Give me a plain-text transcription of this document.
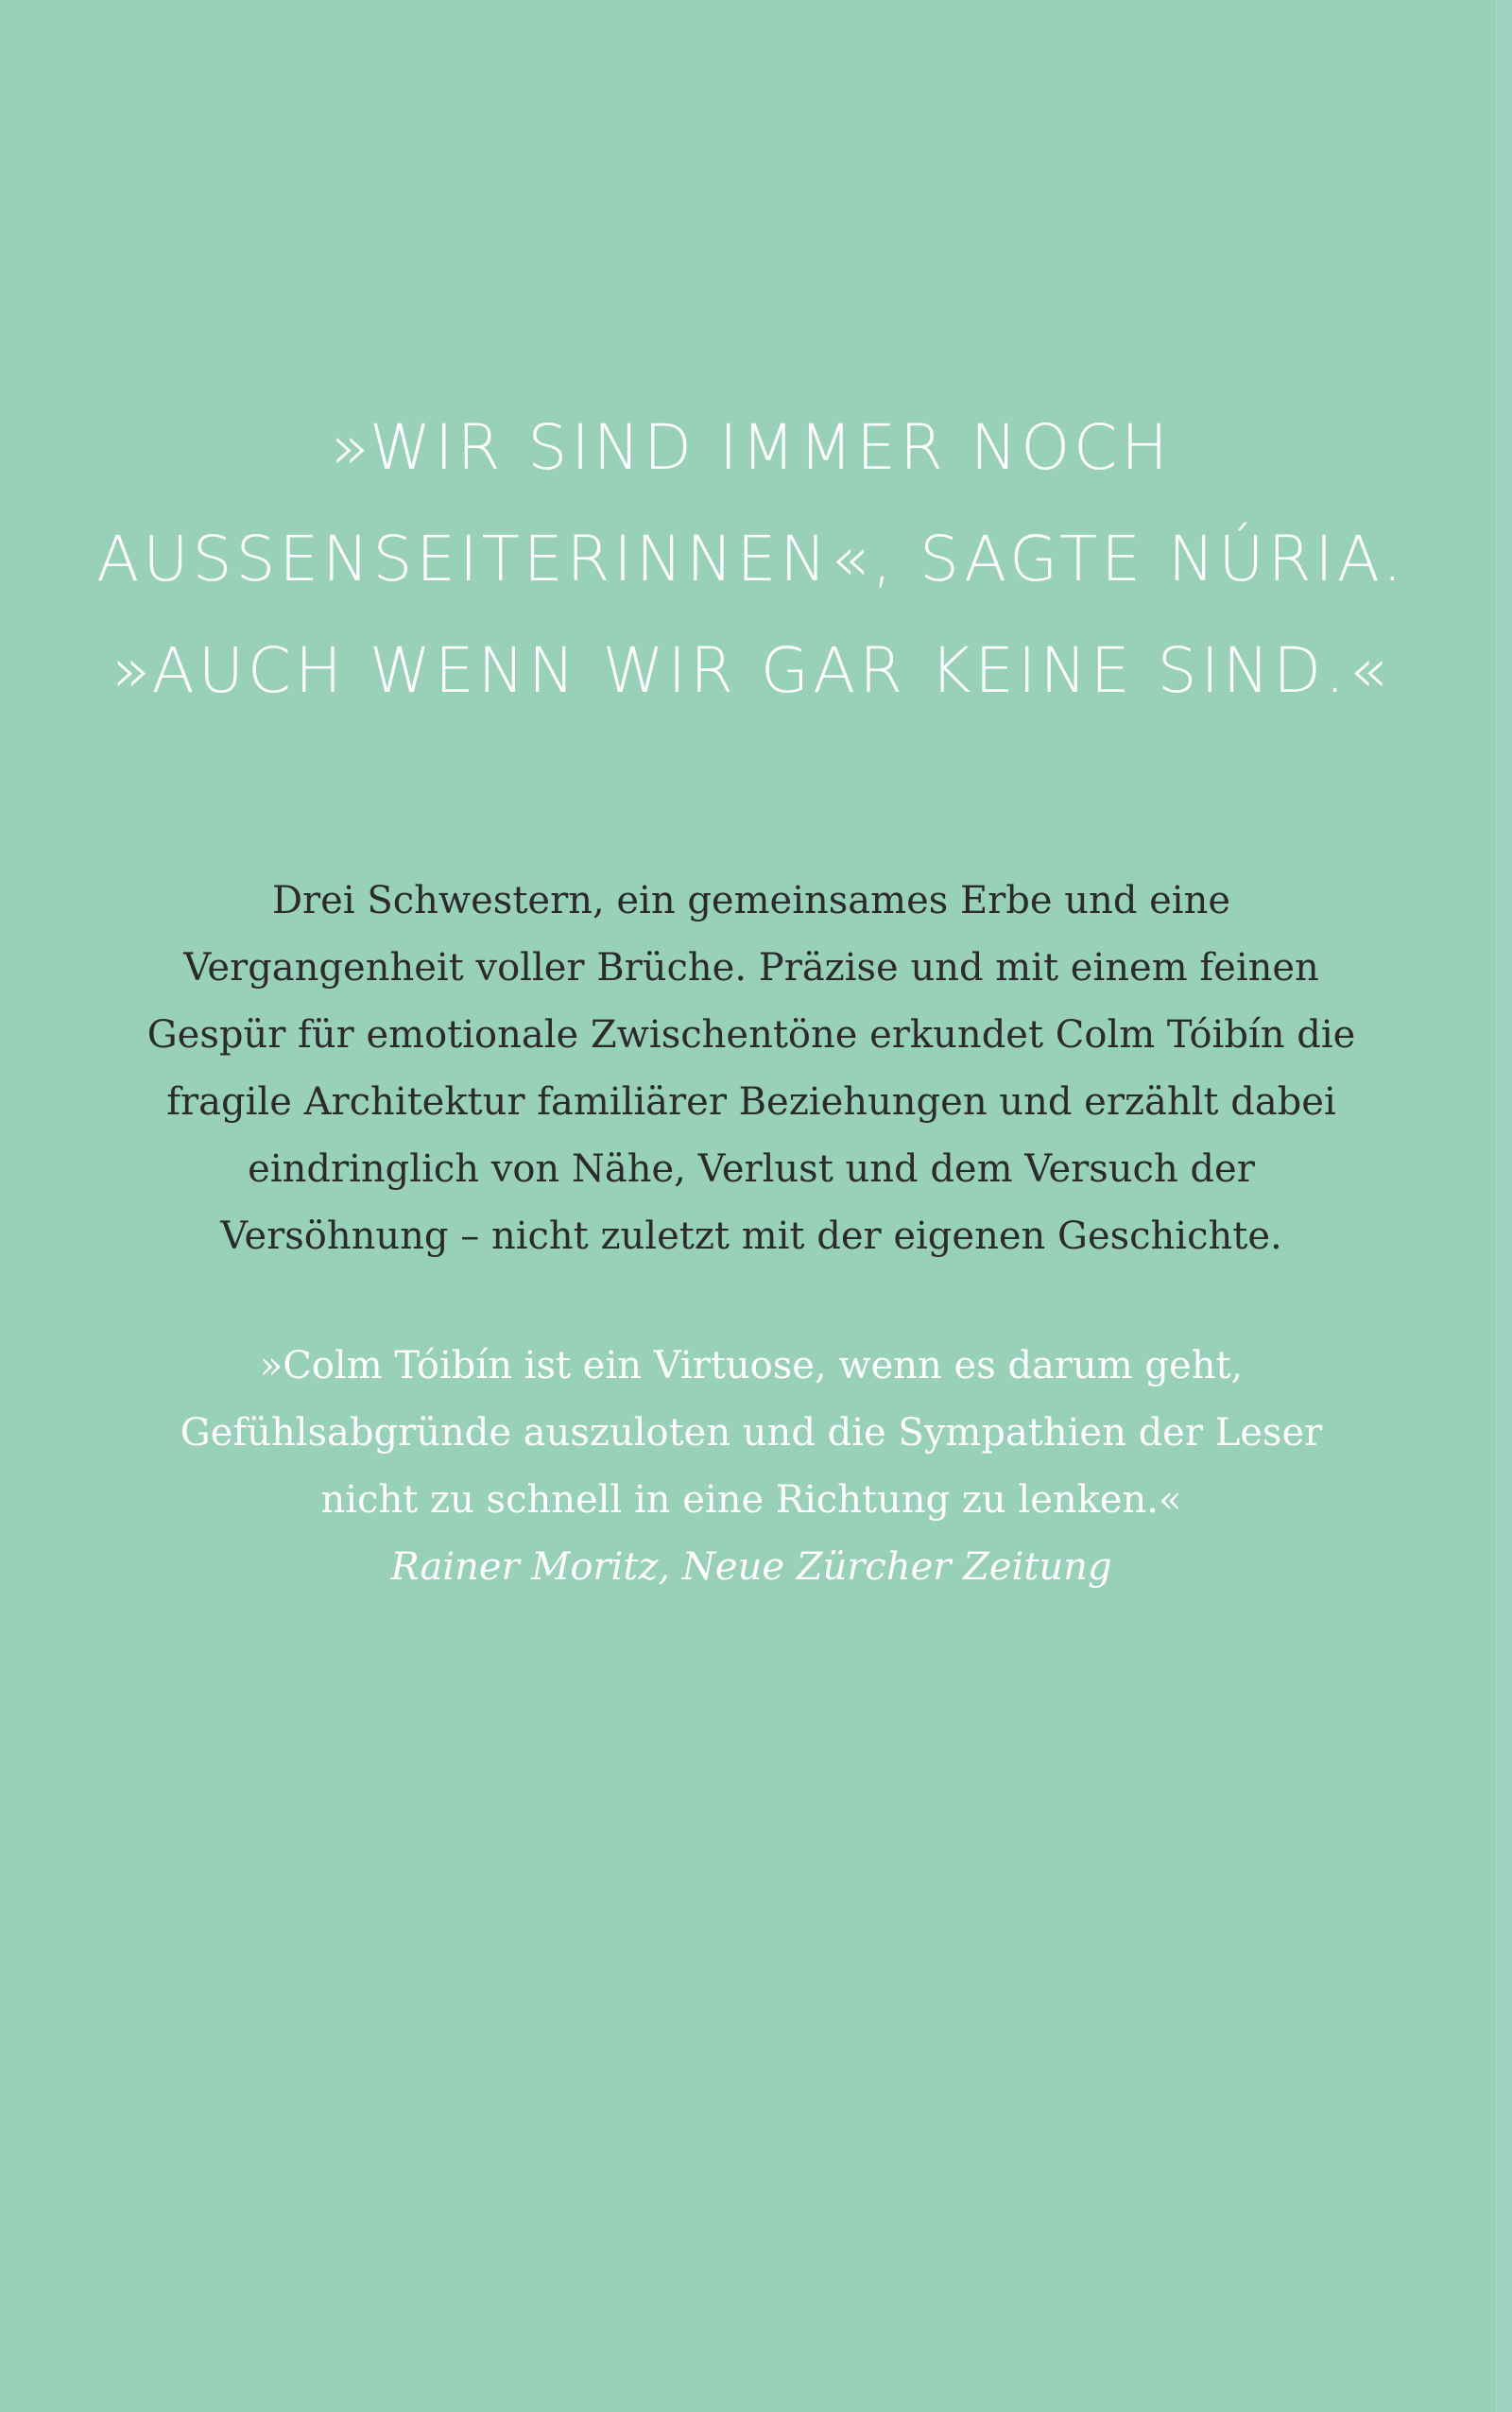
»WIR SIND IMMER NOCH
AUSSENSEITERINNEN«, SAGTE NÚRIA.
»AUCH WENN WIR GAR KEINE SIND.«
Drei Schwestern, ein gemeinsames Erbe und eine
Vergangenheit voller Brüche. Präzise und mit einem feinen
Gespür für emotionale Zwischentöne erkundet Colm Tóibín die
fragile Architektur familiärer Beziehungen und erzählt dabei
eindringlich von Nähe, Verlust und dem Versuch der
Versöhnung – nicht zuletzt mit der eigenen Geschichte.
»Colm Tóibín ist ein Virtuose, wenn es darum geht,
Gefühlsabgründe auszuloten und die Sympathien der Leser
nicht zu schnell in eine Richtung zu lenken.«
Rainer Moritz, Neue Zürcher Zeitung
